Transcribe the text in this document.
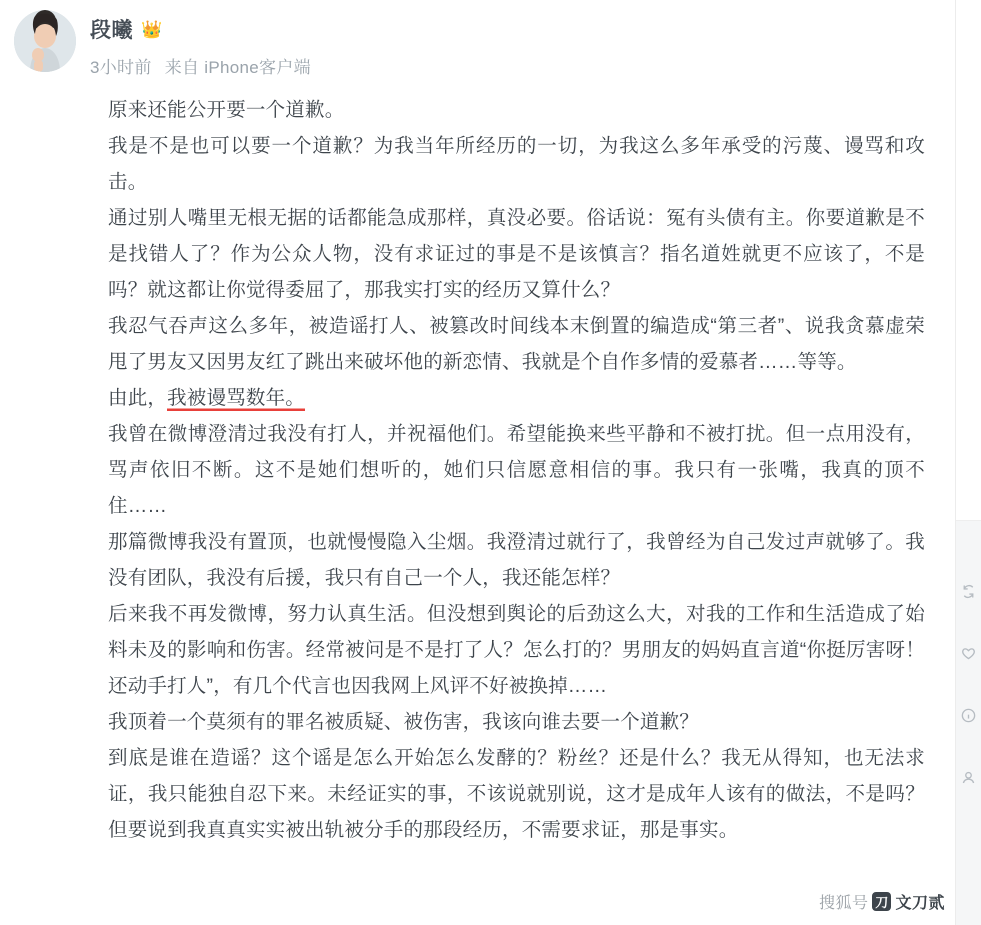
段曦 👑
3小时前 来自 iPhone客户端

原来还能公开要一个道歉。

我是不是也可以要一个道歉？为我当年所经历的一切，为我这么多年承受的污蔑、谩骂和攻击。

通过别人嘴里无根无据的话都能急成那样，真没必要。俗话说：冤有头债有主。你要道歉是不是找错人了？作为公众人物，没有求证过的事是不是该慎言？指名道姓就更不应该了，不是吗？就这都让你觉得委屈了，那我实打实的经历又算什么？

我忍气吞声这么多年，被造谣打人、被篡改时间线本末倒置的编造成“第三者”、说我贪慕虚荣甩了男友又因男友红了跳出来破坏他的新恋情、我就是个自作多情的爱慕者……等等。

由此，我被谩骂数年。

我曾在微博澄清过我没有打人，并祝福他们。希望能换来些平静和不被打扰。但一点用没有，骂声依旧不断。这不是她们想听的，她们只信愿意相信的事。我只有一张嘴，我真的顶不住……

那篇微博我没有置顶，也就慢慢隐入尘烟。我澄清过就行了，我曾经为自己发过声就够了。我没有团队，我没有后援，我只有自己一个人，我还能怎样？

后来我不再发微博，努力认真生活。但没想到舆论的后劲这么大，对我的工作和生活造成了始料未及的影响和伤害。经常被问是不是打了人？怎么打的？男朋友的妈妈直言道“你挺厉害呀！还动手打人”，有几个代言也因我网上风评不好被换掉……

我顶着一个莫须有的罪名被质疑、被伤害，我该向谁去要一个道歉？

到底是谁在造谣？这个谣是怎么开始怎么发酵的？粉丝？还是什么？我无从得知，也无法求证，我只能独自忍下来。未经证实的事，不该说就别说，这才是成年人该有的做法，不是吗？但要说到我真真实实被出轨被分手的那段经历，不需要求证，那是事实。

搜狐号 刀 文刀贰
